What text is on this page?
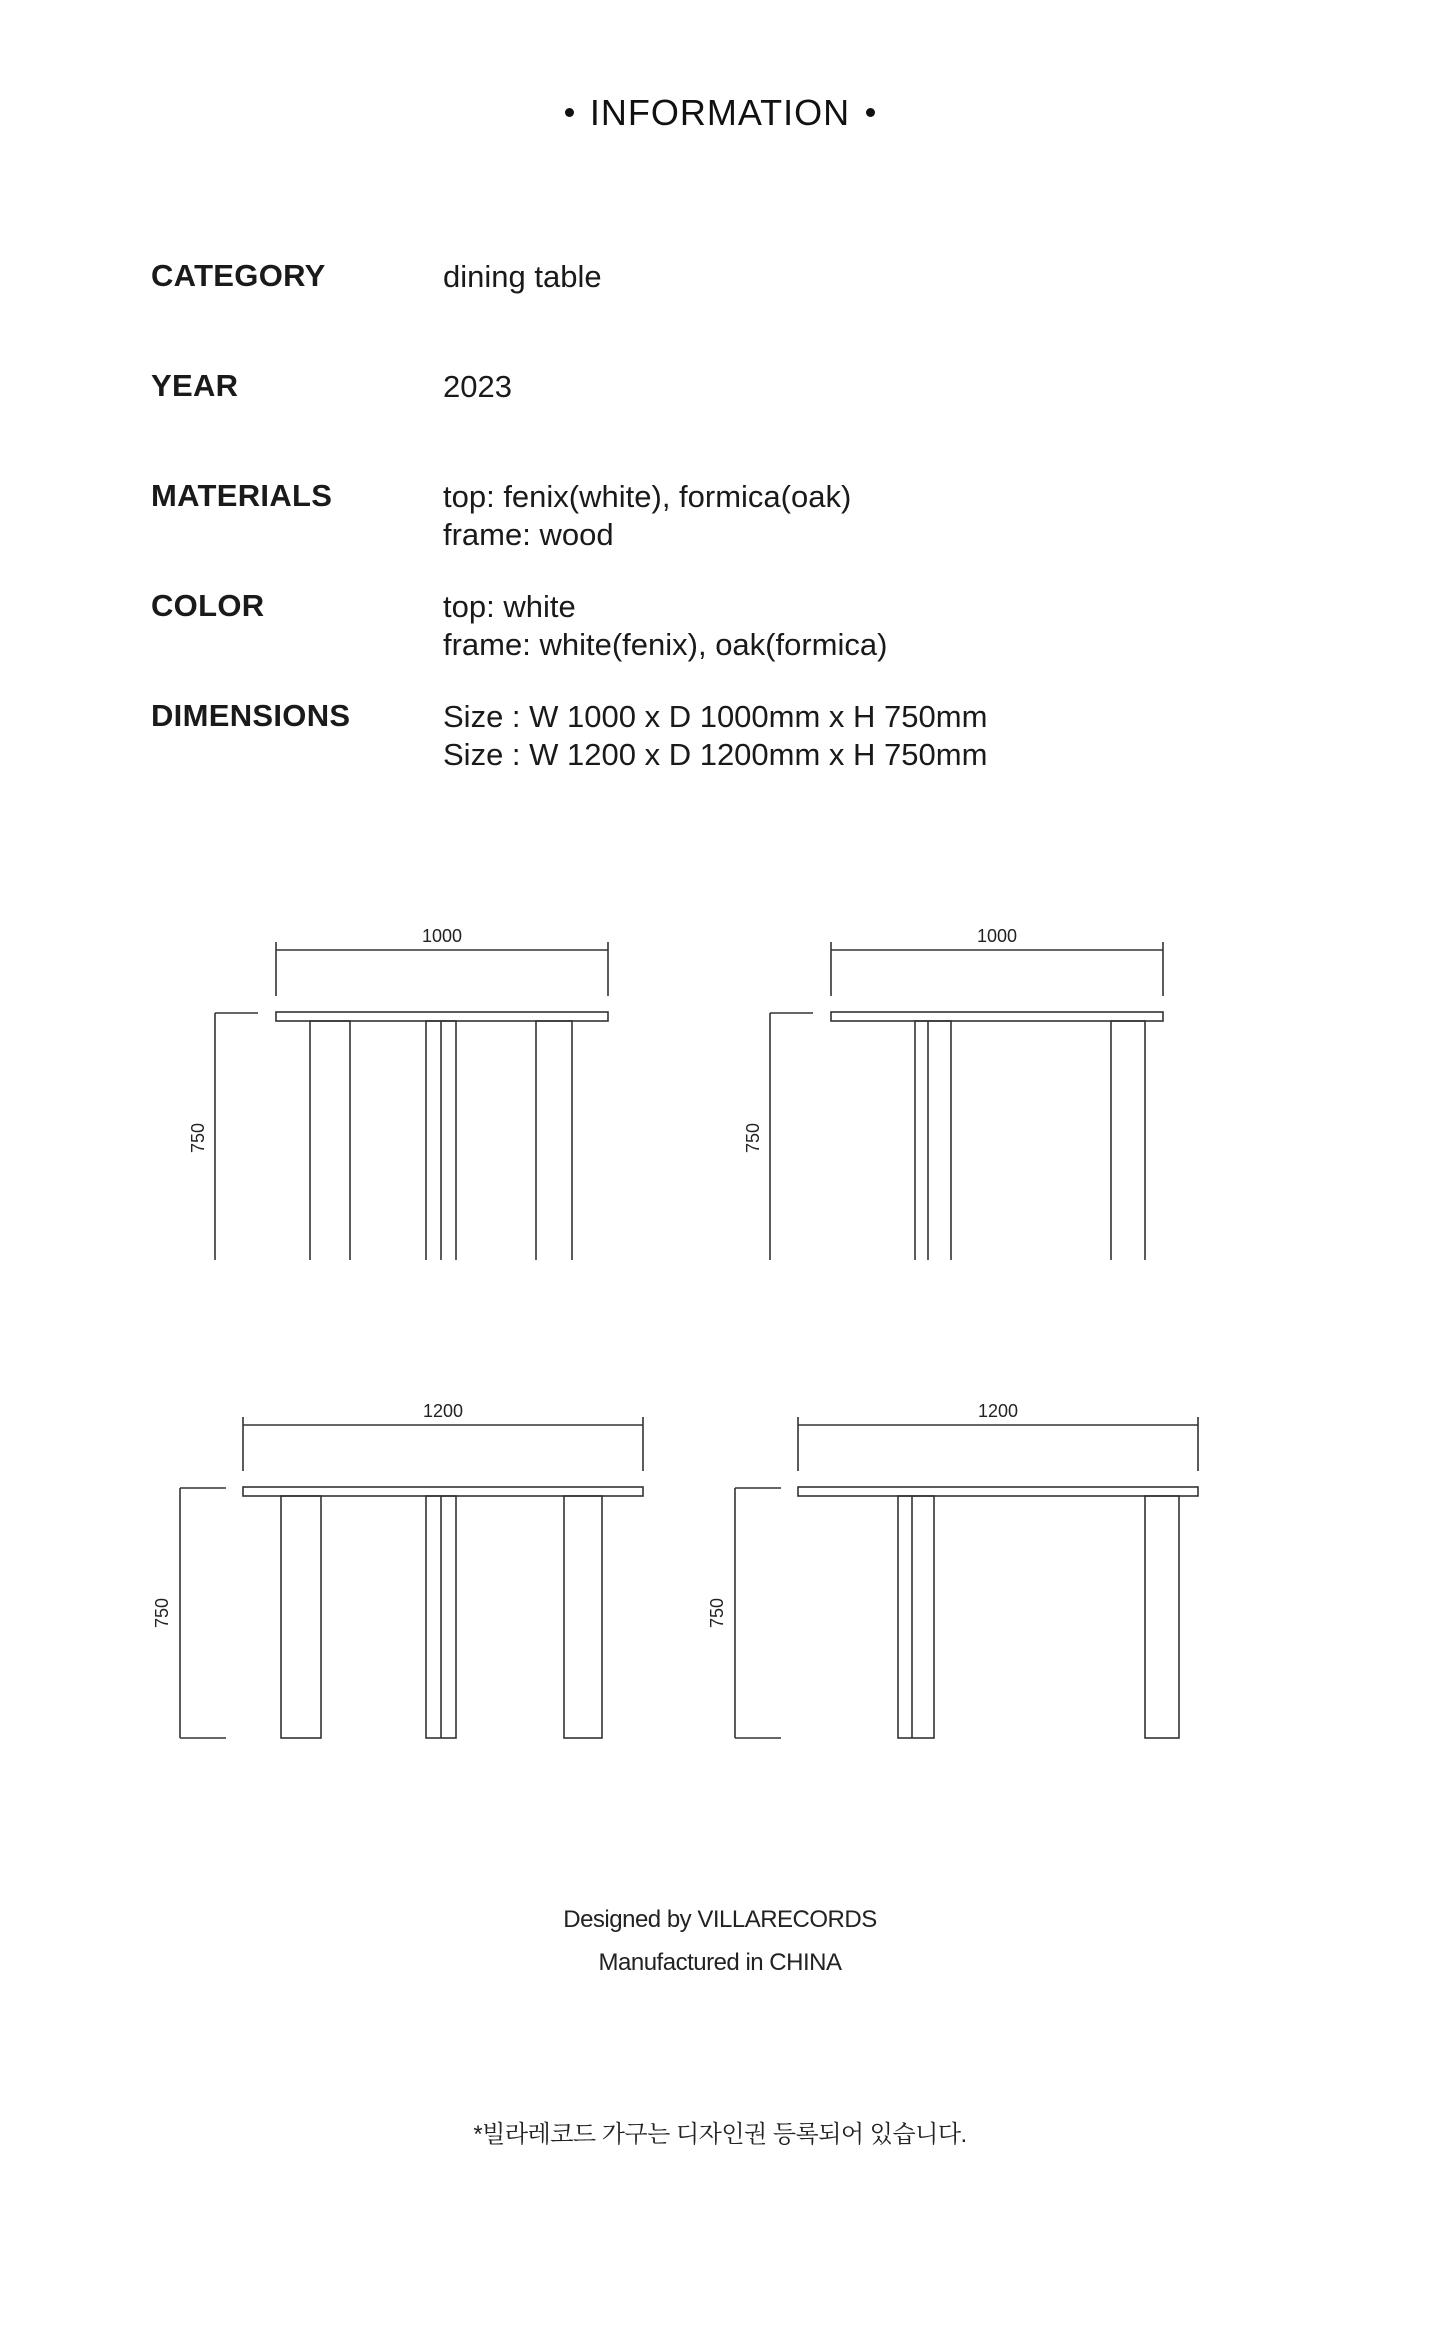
INFORMATION
CATEGORY	dining table
YEAR	2023
MATERIALS	top: fenix(white), formica(oak)
frame: wood
COLOR	top: white
frame: white(fenix), oak(formica)
DIMENSIONS	Size : W 1000 x D 1000mm x H 750mm
Size : W 1200 x D 1200mm x H 750mm
1000
750
1000
750
1200
750
1200
750
Designed by VILLARECORDS
Manufactured in CHINA
*빌라레코드 가구는 디자인권 등록되어 있습니다.
